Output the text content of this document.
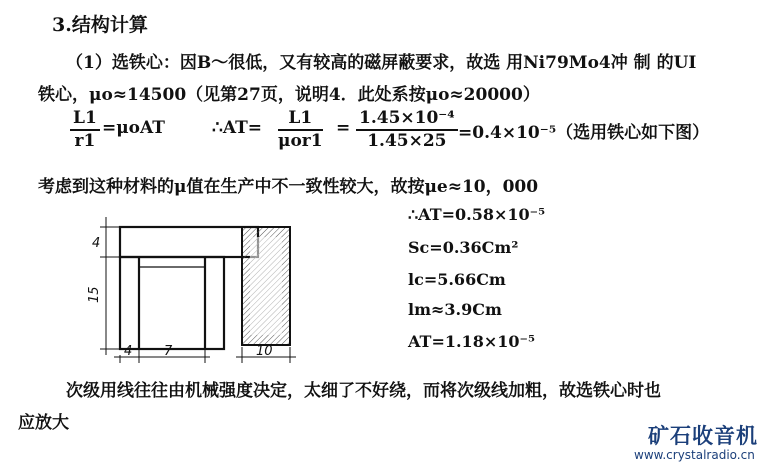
3.结构计算
（1）选铁心：因B～很低，又有较高的磁屏蔽要求，故选 用Ni79Mo4冲 制 的UI
铁心，μo≈14500（见第27页，说明4．此处系按μo≈20000）
$\frac{L1}{r1} =\mu oAT$	∴AT=	L1
μor1
= $\frac{\text{1.45×10⁻⁴}}{1.45\times 25} =0.4\times 10^{-5}$（选用铁心如下图）
考虑到这种材料的μ值在生产中不一致性较大，故按μe≈10，000
4
15
4 7	10
∴AT=0.58×10⁻⁵
Sc=0.36Cm²
lc=5.66Cm
lm≈3.9Cm
AT=1.18×10⁻⁵
次级用线往往由机械强度决定，太细了不好绕，而将次级线加粗，故选铁心时也
应放大
矿石收音机
www.crystalradio.cn
